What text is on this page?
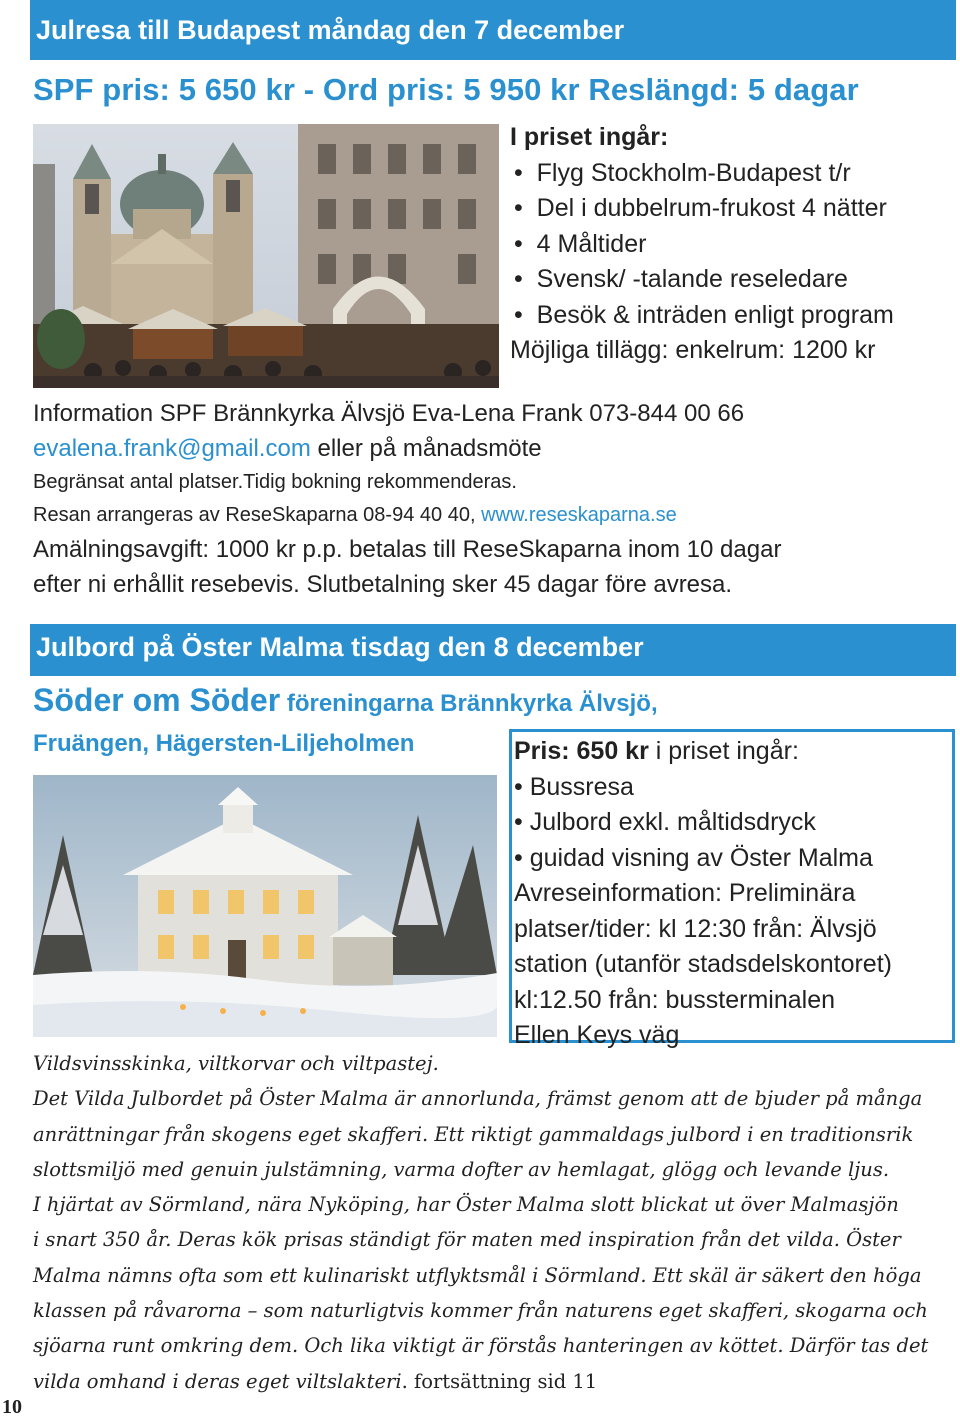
Julresa till Budapest måndag den 7 december
SPF pris: 5 650 kr - Ord pris: 5 950 kr Reslängd: 5 dagar
I priset ingår:
•  Flyg Stockholm-Budapest t/r
•  Del i dubbelrum-frukost 4 nätter
•  4 Måltider
•  Svensk/ -talande reseledare
•  Besök & inträden enligt program
Möjliga tillägg: enkelrum: 1200 kr
Information SPF Brännkyrka Älvsjö Eva-Lena Frank 073-844 00 66
evalena.frank@gmail.com eller på månadsmöte
Begränsat antal platser.Tidig bokning rekommenderas.
Resan arrangeras av ReseSkaparna 08-94 40 40, www.reseskaparna.se
Amälningsavgift: 1000 kr p.p. betalas till ReseSkaparna inom 10 dagar
efter ni erhållit resebevis. Slutbetalning sker 45 dagar före avresa.
Julbord på Öster Malma tisdag den 8 december
Söder om Söder föreningarna Brännkyrka Älvsjö,
Fruängen, Hägersten-Liljeholmen	Pris: 650 kr i priset ingår:
• Bussresa
• Julbord exkl. måltidsdryck
• guidad visning av Öster Malma
Avreseinformation: Preliminära
platser/tider: kl 12:30 från: Älvsjö
station (utanför stadsdelskontoret)
kl:12.50 från: bussterminalen
Ellen Keys väg
Vildsvinsskinka, viltkorvar och viltpastej.
Det Vilda Julbordet på Öster Malma är annorlunda, främst genom att de bjuder på många
anrättningar från skogens eget skafferi. Ett riktigt gammaldags julbord i en traditionsrik
slottsmiljö med genuin julstämning, varma dofter av hemlagat, glögg och levande ljus.
I hjärtat av Sörmland, nära Nyköping, har Öster Malma slott blickat ut över Malmasjön
i snart 350 år. Deras kök prisas ständigt för maten med inspiration från det vilda. Öster
Malma nämns ofta som ett kulinariskt utflyktsmål i Sörmland. Ett skäl är säkert den höga
klassen på råvarorna – som naturligtvis kommer från naturens eget skafferi, skogarna och
sjöarna runt omkring dem. Och lika viktigt är förstås hanteringen av köttet. Därför tas det
vilda omhand i deras eget viltslakteri. fortsättning sid 11
10
